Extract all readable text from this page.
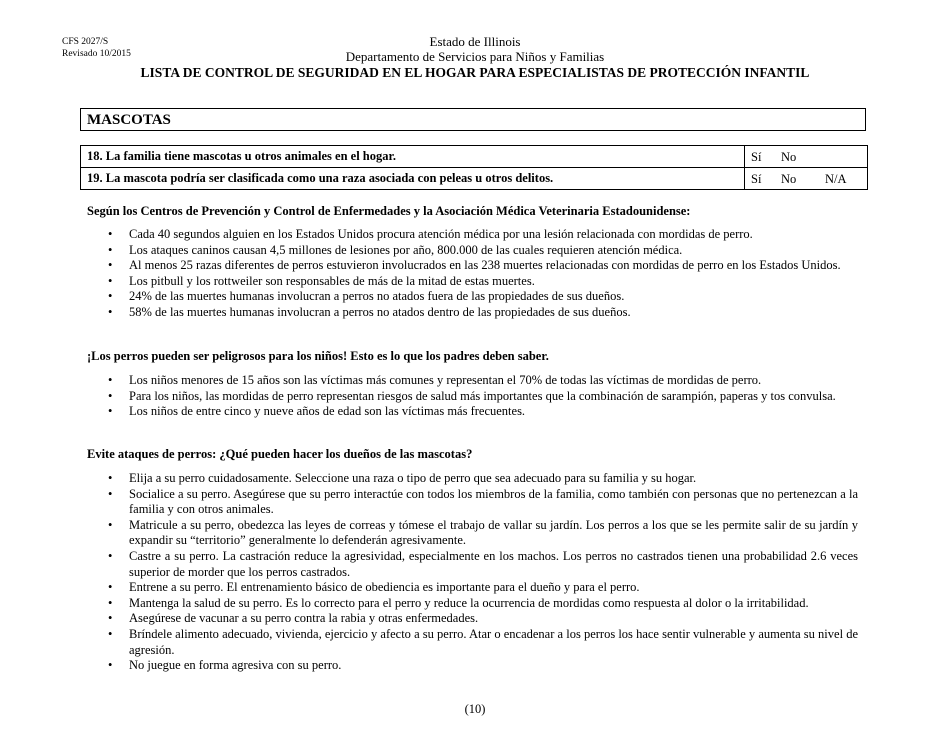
CFS 2027/S
Revisado 10/2015
Estado de Illinois
Departamento de Servicios para Niños y Familias
LISTA DE CONTROL DE SEGURIDAD EN EL HOGAR PARA ESPECIALISTAS DE PROTECCIÓN INFANTIL
MASCOTAS
18. La familia tiene mascotas u otros animales en el hogar.	Sí No

19. La mascota podría ser clasificada como una raza asociada con peleas u otros delitos.	Sí No N/A
Según los Centros de Prevención y Control de Enfermedades y la Asociación Médica Veterinaria Estadounidense:
• Cada 40 segundos alguien en los Estados Unidos procura atención médica por una lesión relacionada con mordidas de perro.
• Los ataques caninos causan 4,5 millones de lesiones por año, 800.000 de las cuales requieren atención médica.
• Al menos 25 razas diferentes de perros estuvieron involucrados en las 238 muertes relacionadas con mordidas de perro en los Estados Unidos.
• Los pitbull y los rottweiler son responsables de más de la mitad de estas muertes.
• 24% de las muertes humanas involucran a perros no atados fuera de las propiedades de sus dueños.
• 58% de las muertes humanas involucran a perros no atados dentro de las propiedades de sus dueños.
¡Los perros pueden ser peligrosos para los niños! Esto es lo que los padres deben saber.
• Los niños menores de 15 años son las víctimas más comunes y representan el 70% de todas las víctimas de mordidas de perro.
• Para los niños, las mordidas de perro representan riesgos de salud más importantes que la combinación de sarampión, paperas y tos convulsa.
• Los niños de entre cinco y nueve años de edad son las víctimas más frecuentes.
Evite ataques de perros: ¿Qué pueden hacer los dueños de las mascotas?
• Elija a su perro cuidadosamente. Seleccione una raza o tipo de perro que sea adecuado para su familia y su hogar.
• Socialice a su perro. Asegúrese que su perro interactúe con todos los miembros de la familia, como también con personas que no pertenezcan a la familia y con otros animales.
• Matricule a su perro, obedezca las leyes de correas y tómese el trabajo de vallar su jardín. Los perros a los que se les permite salir de su jardín y expandir su “territorio” generalmente lo defenderán agresivamente.
• Castre a su perro. La castración reduce la agresividad, especialmente en los machos. Los perros no castrados tienen una probabilidad 2.6 veces superior de morder que los perros castrados.
• Entrene a su perro. El entrenamiento básico de obediencia es importante para el dueño y para el perro.
• Mantenga la salud de su perro. Es lo correcto para el perro y reduce la ocurrencia de mordidas como respuesta al dolor o la irritabilidad.
• Asegúrese de vacunar a su perro contra la rabia y otras enfermedades.
• Bríndele alimento adecuado, vivienda, ejercicio y afecto a su perro. Atar o encadenar a los perros los hace sentir vulnerable y aumenta su nivel de agresión.
• No juegue en forma agresiva con su perro.
(10)
